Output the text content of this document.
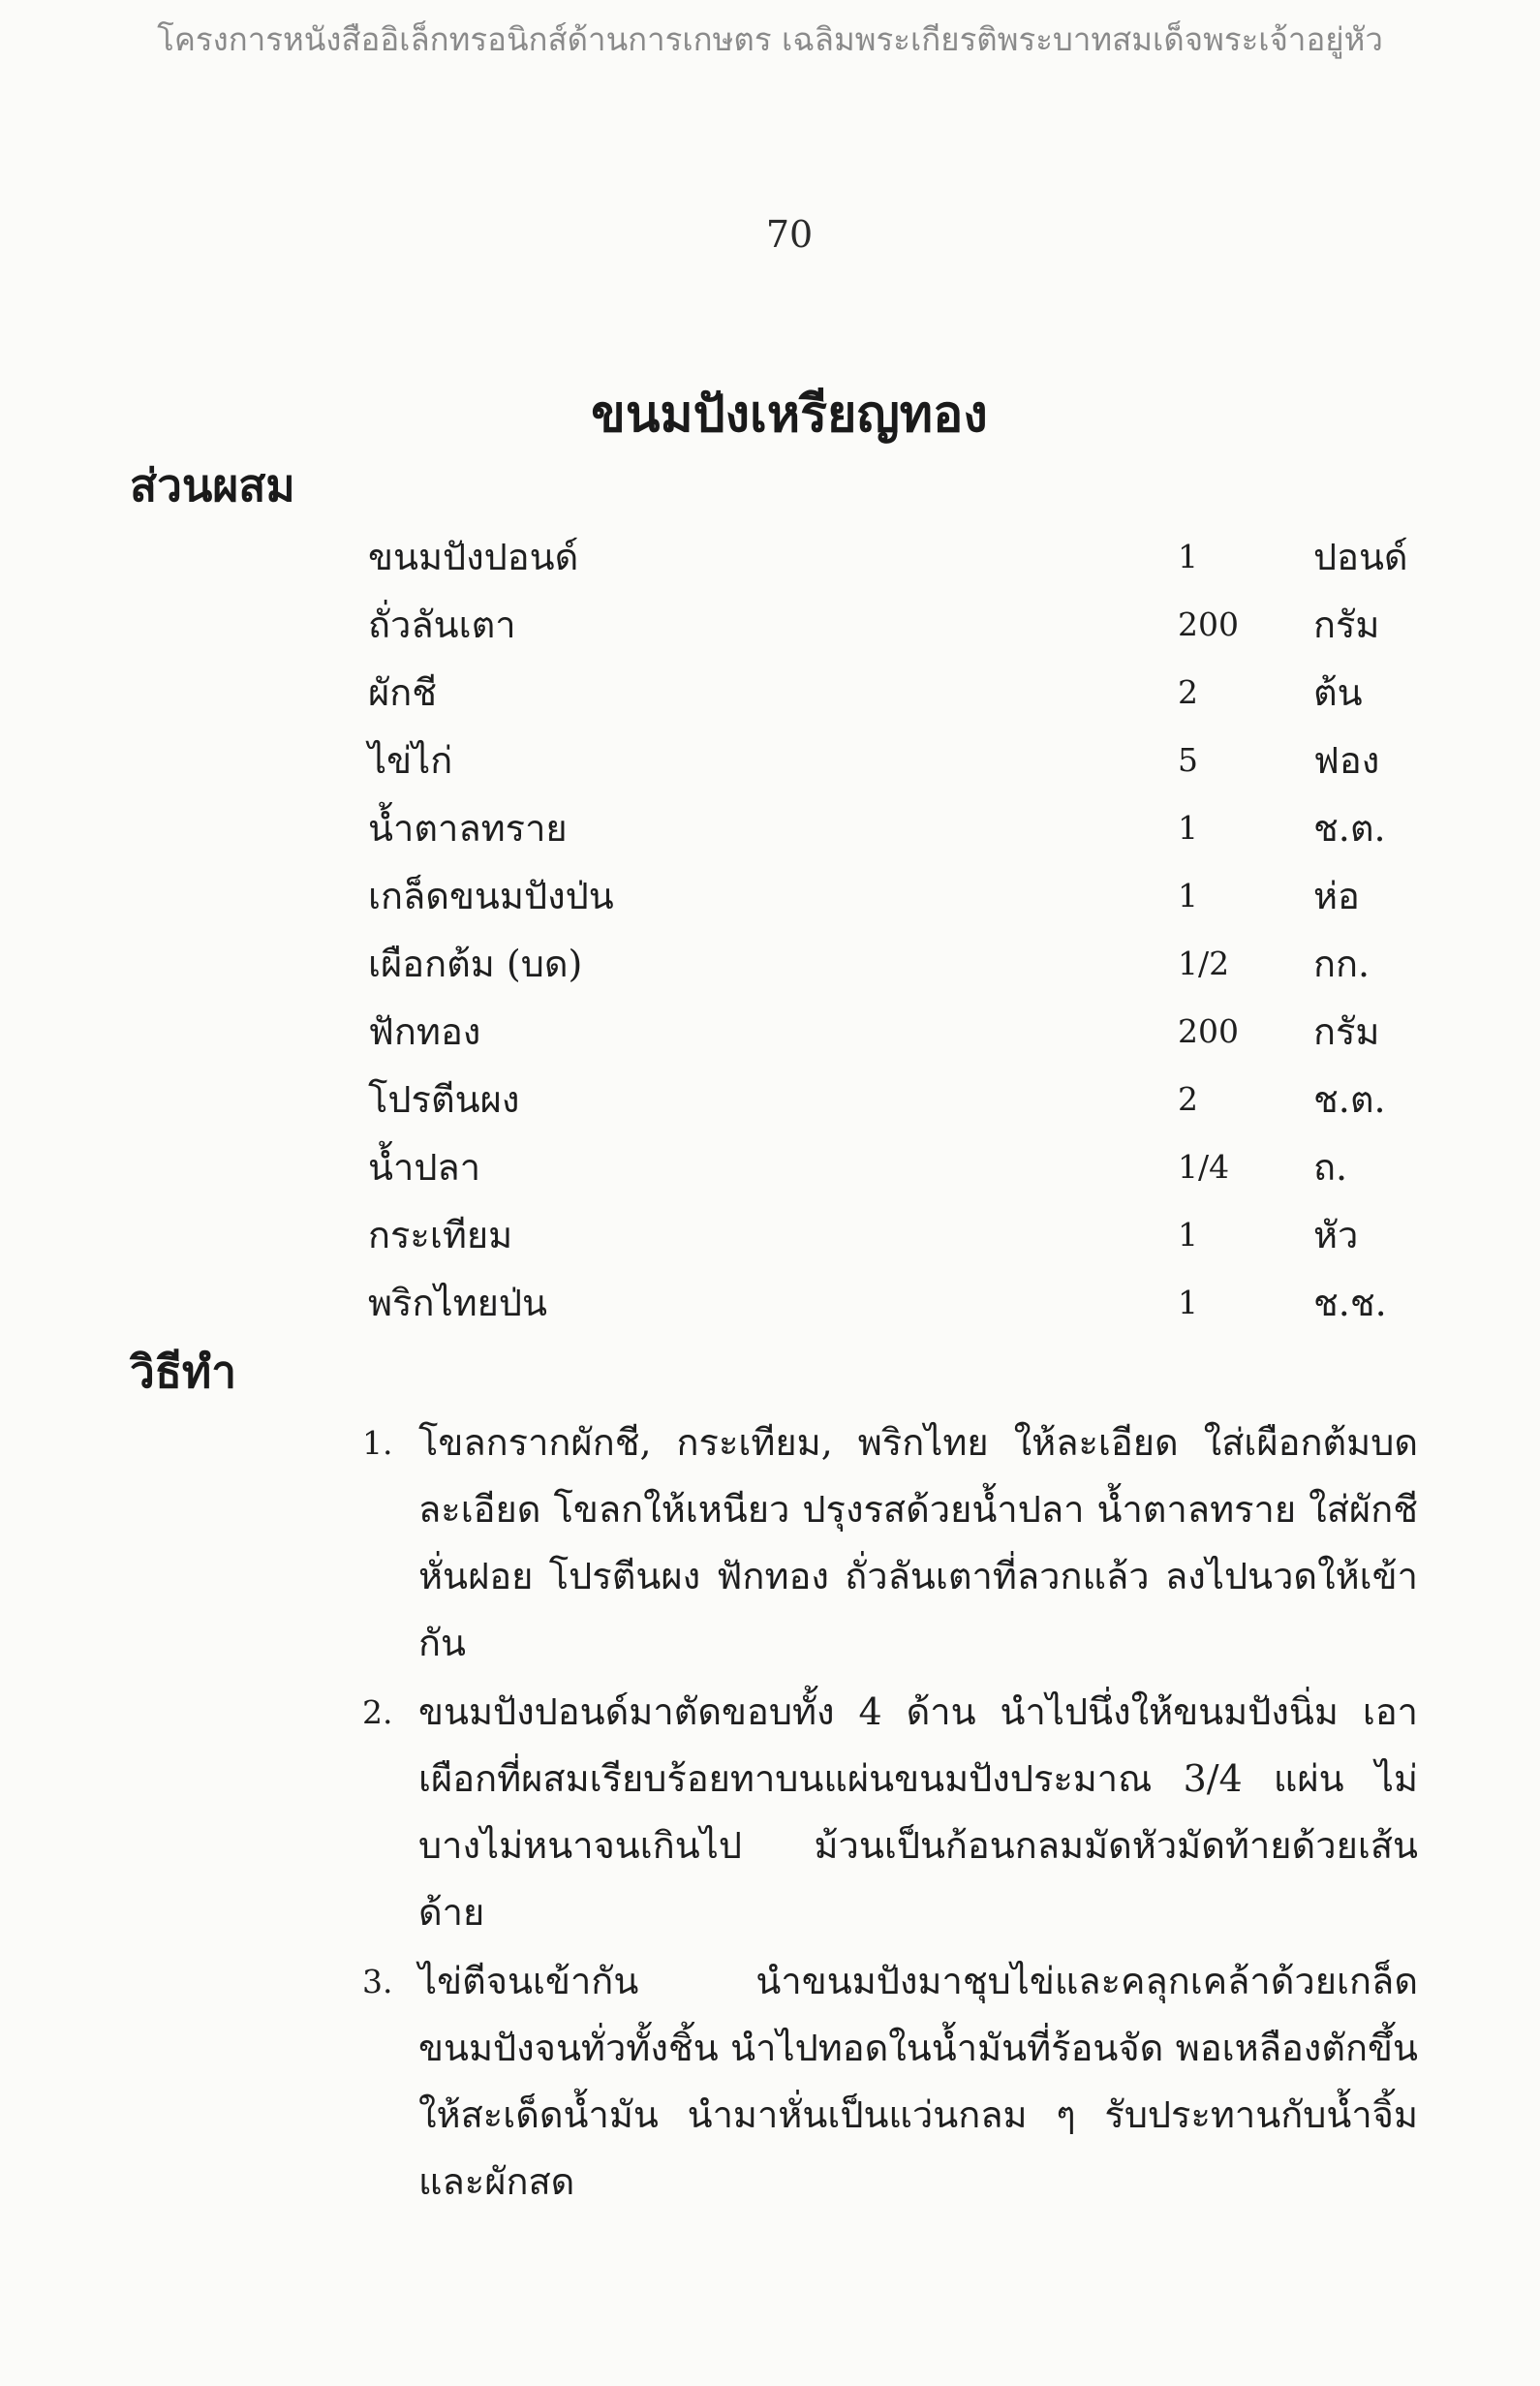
โครงการหนังสืออิเล็กทรอนิกส์ด้านการเกษตร เฉลิมพระเกียรติพระบาทสมเด็จพระเจ้าอยู่หัว
70
ขนมปังเหรียญทอง
ส่วนผสม
ขนมปังปอนด์	1	ปอนด์
ถั่วลันเตา	200 กรัม
ผักชี	2	ต้น
ไข่ไก่	5	ฟอง
น้ำตาลทราย	1	ช.ต.
เกล็ดขนมปังป่น	1	ห่อ
เผือกต้ม (บด)	1/2 กก.
ฟักทอง	200 กรัม
โปรตีนผง	2	ช.ต.
น้ำปลา	1/4 ถ.
กระเทียม	1	หัว
พริกไทยป่น	1	ช.ช.
วิธีทำ
1. โขลกรากผักชี, กระเทียม, พริกไทย ให้ละเอียด ใส่เผือกต้มบดละเอียด โขลกให้เหนียว ปรุงรสด้วยน้ำปลา น้ำตาลทราย ใส่ผักชีหั่นฝอย โปรตีนผง ฟักทอง ถั่วลันเตาที่ลวกแล้ว ลงไปนวดให้เข้ากัน
2. ขนมปังปอนด์มาตัดขอบทั้ง 4 ด้าน นำไปนึ่งให้ขนมปังนิ่ม เอาเผือกที่ผสมเรียบร้อยทาบนแผ่นขนมปังประมาณ 3/4 แผ่น ไม่บางไม่หนาจนเกินไป ม้วนเป็นก้อนกลมมัดหัวมัดท้ายด้วยเส้นด้าย
3. ไข่ตีจนเข้ากัน นำขนมปังมาชุบไข่และคลุกเคล้าด้วยเกล็ดขนมปังจนทั่วทั้งชิ้น นำไปทอดในน้ำมันที่ร้อนจัด พอเหลืองตักขึ้นให้สะเด็ดน้ำมัน นำมาหั่นเป็นแว่นกลม ๆ รับประทานกับน้ำจิ้มและผักสด
